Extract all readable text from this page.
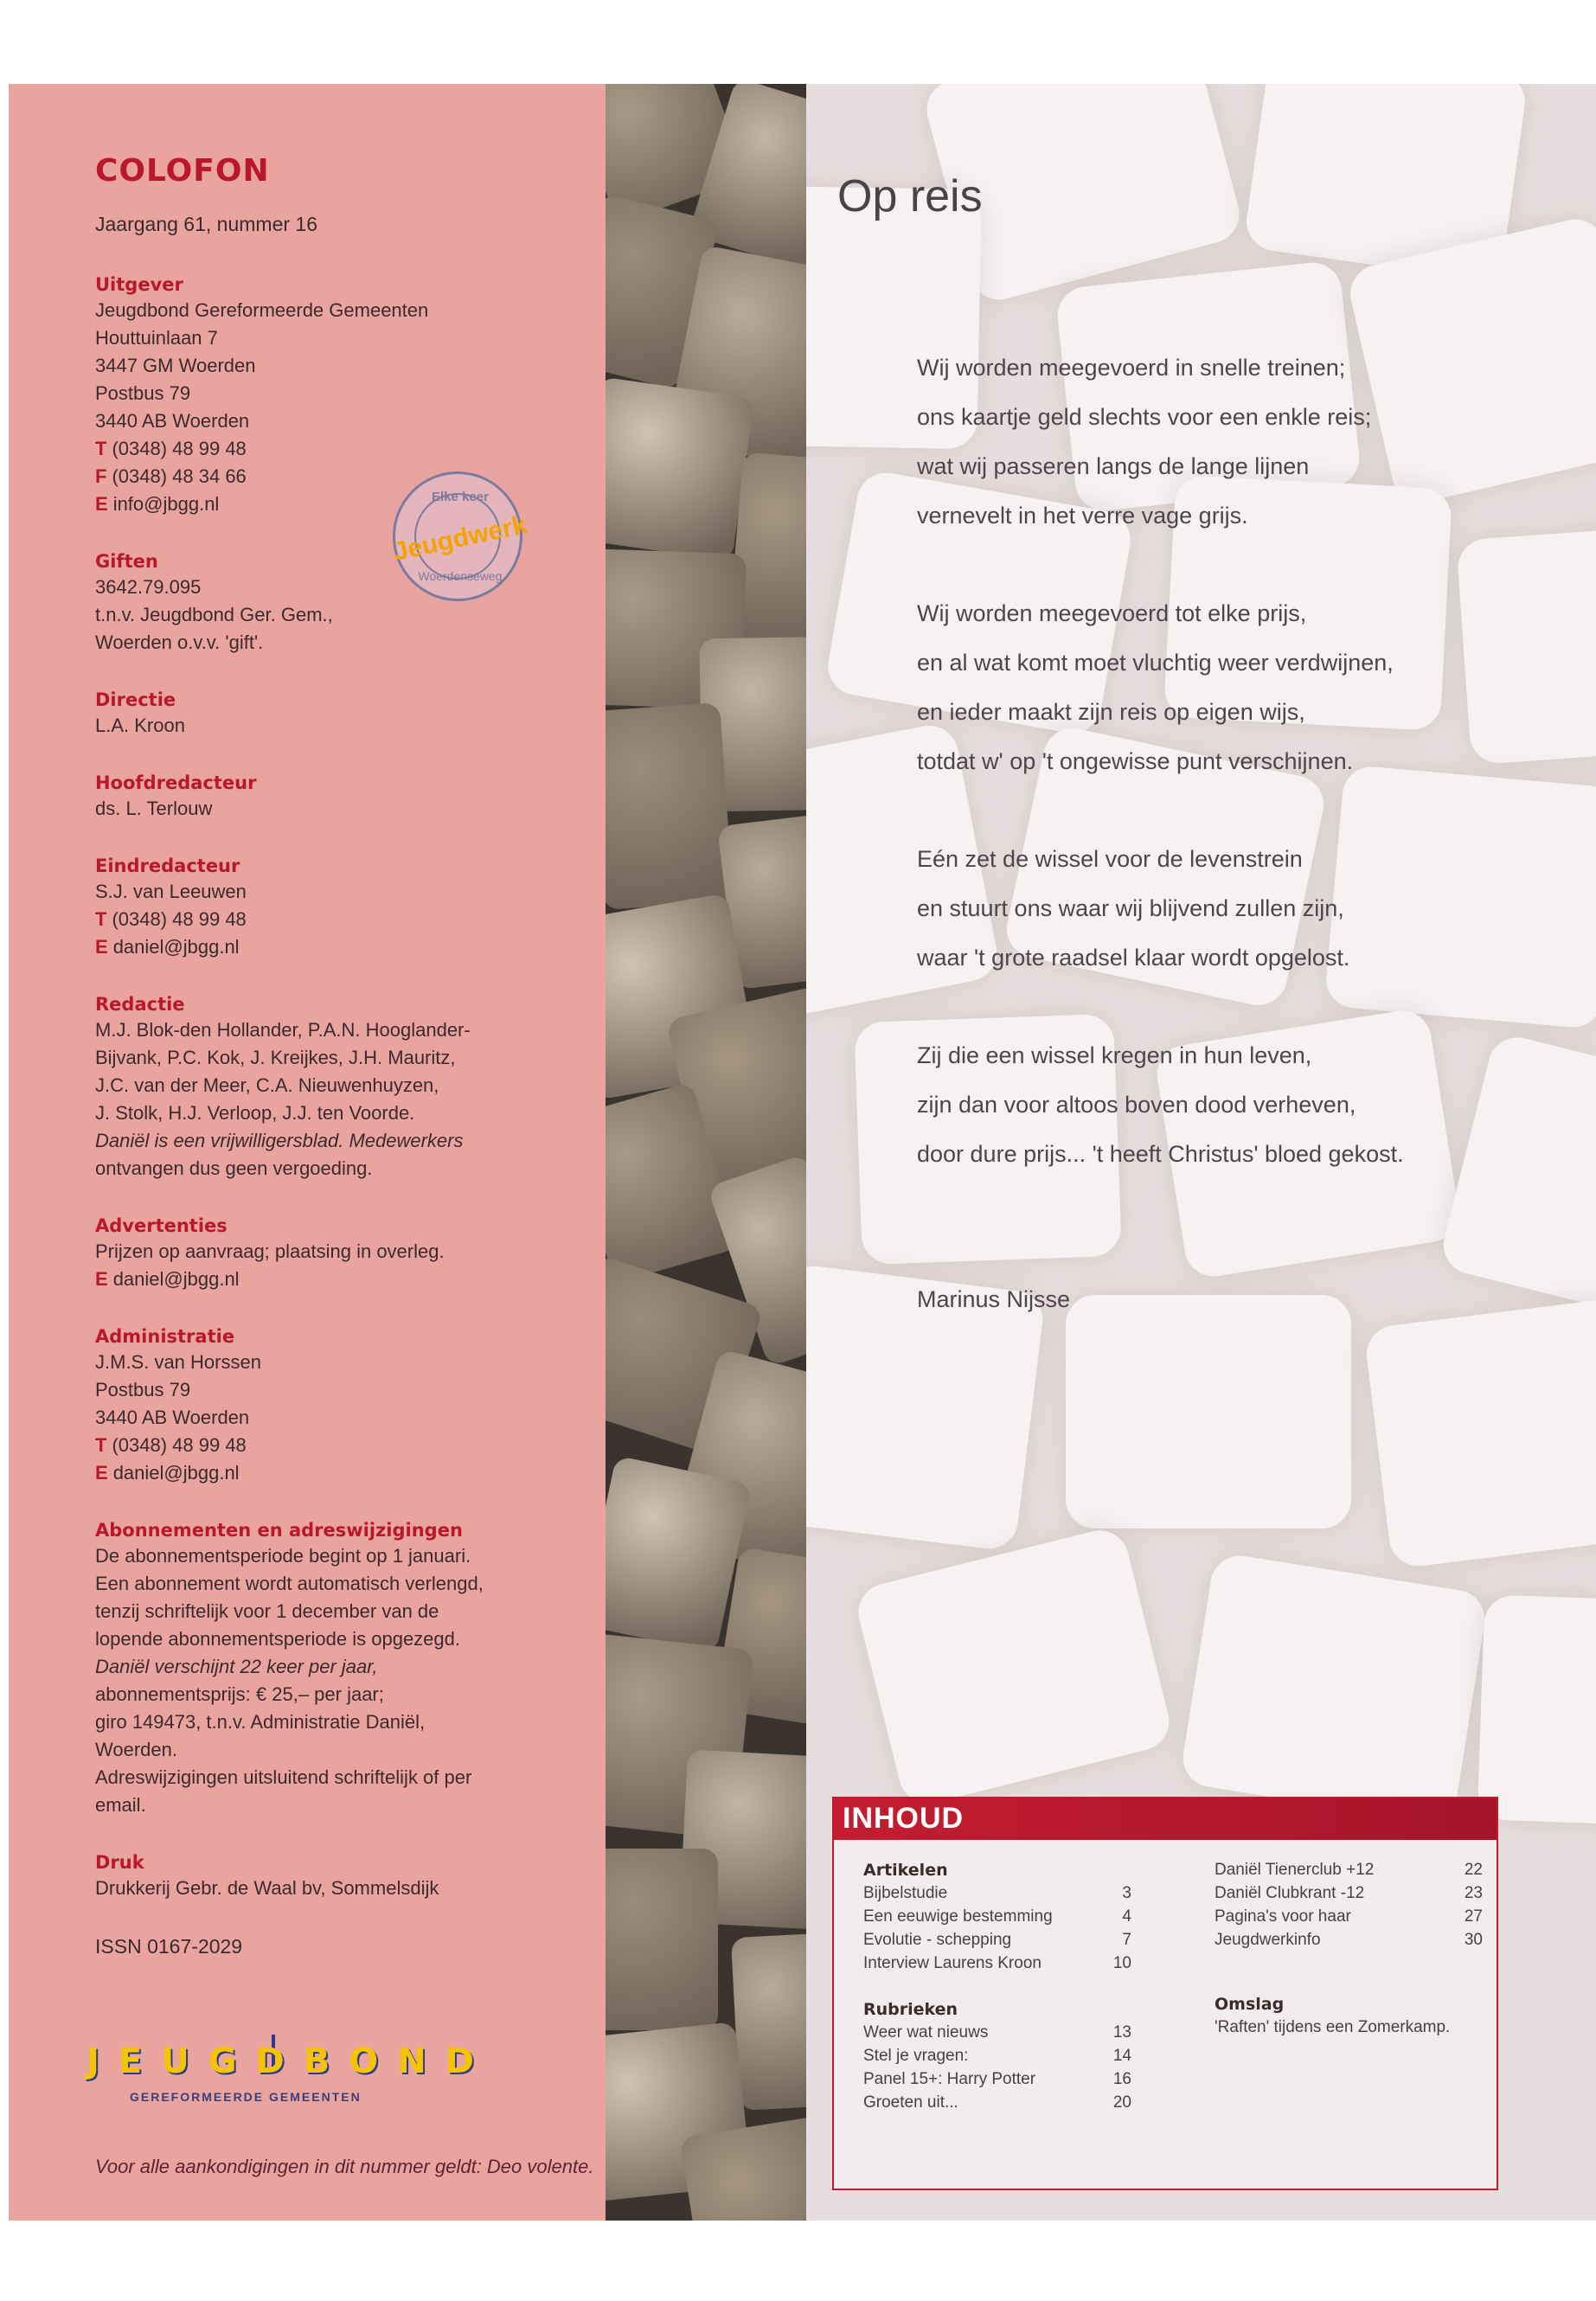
COLOFON
Jaargang 61, nummer 16
Uitgever
Jeugdbond Gereformeerde Gemeenten
Houttuinlaan 7
3447 GM Woerden
Postbus 79
3440 AB Woerden
T (0348) 48 99 48
F (0348) 48 34 66
E info@jbgg.nl
Giften
3642.79.095
t.n.v. Jeugdbond Ger. Gem.,
Woerden o.v.v. 'gift'.
Directie
L.A. Kroon
Hoofdredacteur
ds. L. Terlouw
Eindredacteur
S.J. van Leeuwen
T (0348) 48 99 48
E daniel@jbgg.nl
Redactie
M.J. Blok-den Hollander, P.A.N. Hooglander-
Bijvank, P.C. Kok, J. Kreijkes, J.H. Mauritz,
J.C. van der Meer, C.A. Nieuwenhuyzen,
J. Stolk, H.J. Verloop, J.J. ten Voorde.
Daniël is een vrijwilligersblad. Medewerkers
ontvangen dus geen vergoeding.
Advertenties
Prijzen op aanvraag; plaatsing in overleg.
E daniel@jbgg.nl
Administratie
J.M.S. van Horssen
Postbus 79
3440 AB Woerden
T (0348) 48 99 48
E daniel@jbgg.nl
Abonnementen en adreswijzigingen
De abonnementsperiode begint op 1 januari.
Een abonnement wordt automatisch verlengd,
tenzij schriftelijk voor 1 december van de
lopende abonnementsperiode is opgezegd.
Daniël verschijnt 22 keer per jaar,
abonnementsprijs: € 25,– per jaar;
giro 149473, t.n.v. Administratie Daniël,
Woerden.
Adreswijzigingen uitsluitend schriftelijk of per
email.
Druk
Drukkerij Gebr. de Waal bv, Sommelsdijk
ISSN 0167-2029
Elke keer
Jeugdwerk
Woerdenseweg
JEUGDBOND
GEREFORMEERDE GEMEENTEN
Voor alle aankondigingen in dit nummer geldt: Deo volente.
Op reis
Wij worden meegevoerd in snelle treinen;
ons kaartje geld slechts voor een enkle reis;
wat wij passeren langs de lange lijnen
vernevelt in het verre vage grijs.
Wij worden meegevoerd tot elke prijs,
en al wat komt moet vluchtig weer verdwijnen,
en ieder maakt zijn reis op eigen wijs,
totdat w' op 't ongewisse punt verschijnen.
Eén zet de wissel voor de levenstrein
en stuurt ons waar wij blijvend zullen zijn,
waar 't grote raadsel klaar wordt opgelost.
Zij die een wissel kregen in hun leven,
zijn dan voor altoos boven dood verheven,
door dure prijs... 't heeft Christus' bloed gekost.
Marinus Nijsse
INHOUD
Artikelen
Bijbelstudie	3
Een eeuwige bestemming	4
Evolutie - schepping	7
Interview Laurens Kroon	10
Rubrieken
Weer wat nieuws	13
Stel je vragen:	14
Panel 15+: Harry Potter	16
Groeten uit...	20
Daniël Tienerclub +12	22
Daniël Clubkrant -12	23
Pagina's voor haar	27
Jeugdwerkinfo	30
Omslag
'Raften' tijdens een Zomerkamp.
